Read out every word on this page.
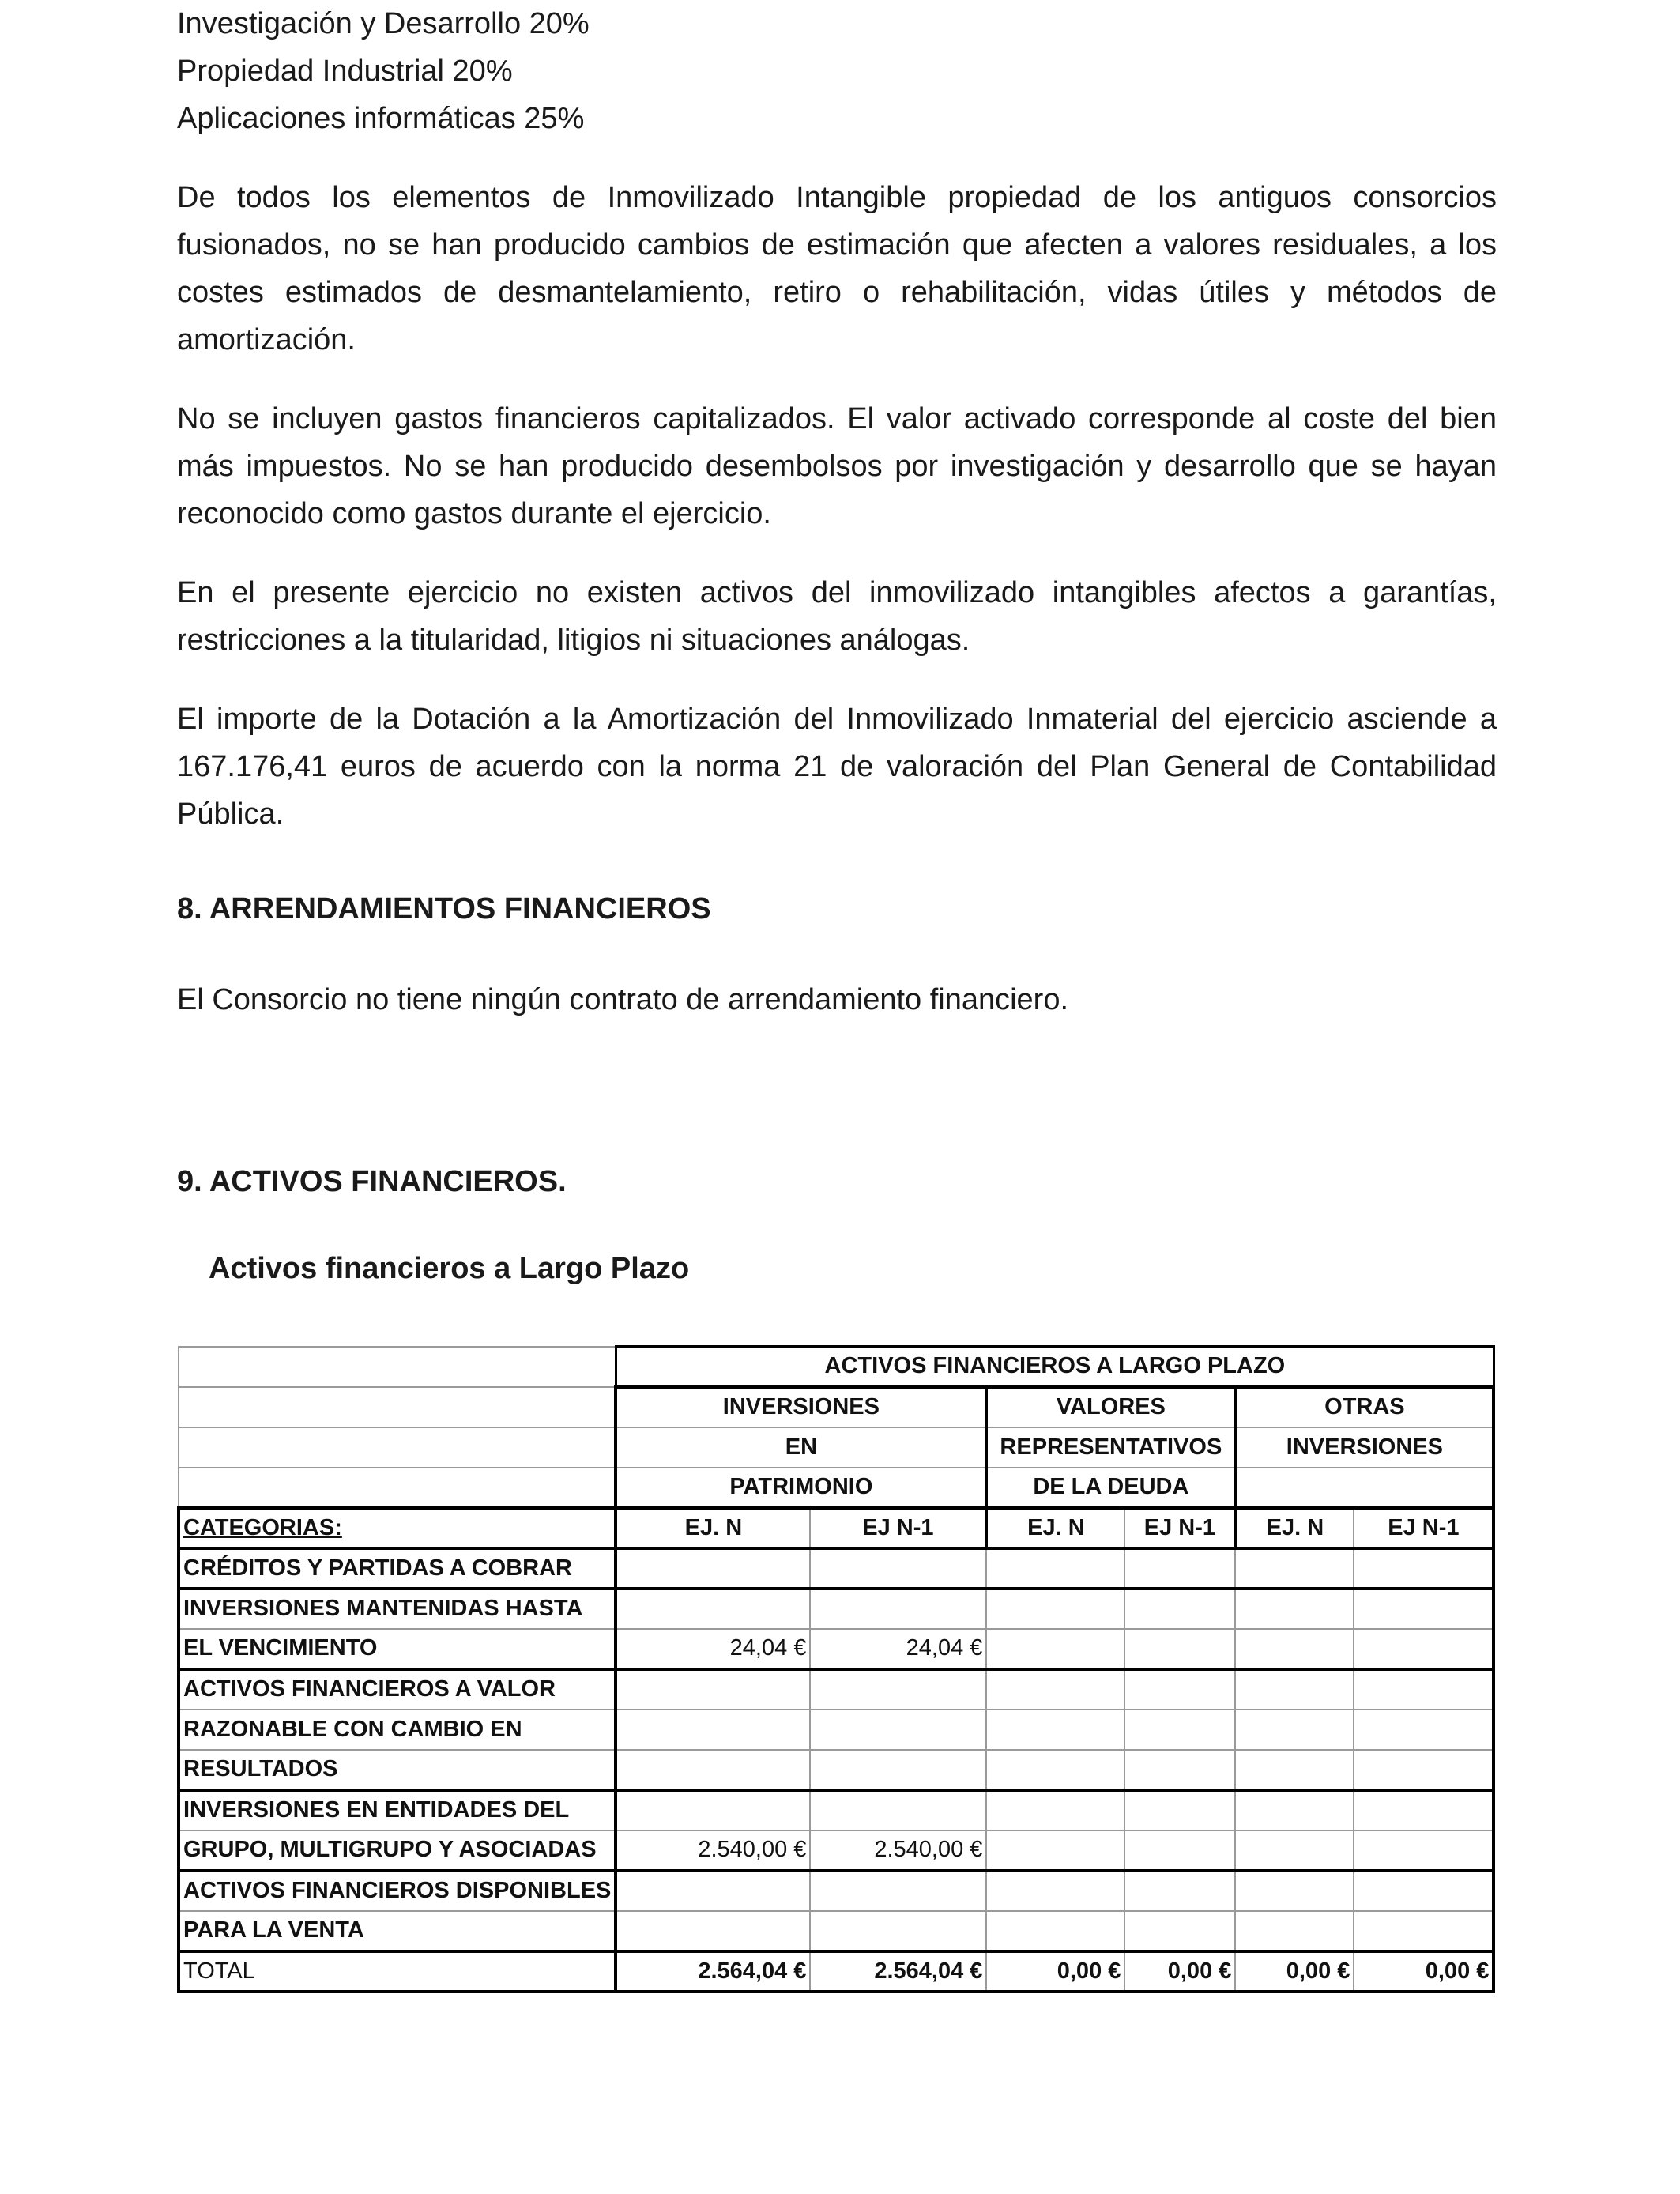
Investigación y Desarrollo 20%

Propiedad Industrial 20%

Aplicaciones informáticas 25%

De todos los elementos de Inmovilizado Intangible propiedad de los antiguos consorcios fusionados, no se han producido cambios de estimación que afecten a valores residuales, a los costes estimados de desmantelamiento, retiro o rehabilitación, vidas útiles y métodos de amortización.

No se incluyen gastos financieros capitalizados. El valor activado corresponde al coste del bien más impuestos. No se han producido desembolsos por investigación y desarrollo que se hayan reconocido como gastos durante el ejercicio.

En el presente ejercicio no existen activos del inmovilizado intangibles afectos a garantías, restricciones a la titularidad, litigios ni situaciones análogas.

El importe de la Dotación a la Amortización del Inmovilizado Inmaterial del ejercicio asciende a 167.176,41 euros de acuerdo con la norma 21 de valoración del Plan General de Contabilidad Pública.

8. ARRENDAMIENTOS FINANCIEROS

El Consorcio no tiene ningún contrato de arrendamiento financiero.

9. ACTIVOS FINANCIEROS.

Activos financieros a Largo Plazo

	ACTIVOS FINANCIEROS A LARGO PLAZO					
	INVERSIONES		VALORES		OTRAS	
	EN		REPRESENTATIVOS		INVERSIONES	
	PATRIMONIO		DE LA DEUDA			
CATEGORIAS:	EJ. N	EJ N-1	EJ. N	EJ N-1	EJ. N	EJ N-1
CRÉDITOS Y PARTIDAS A COBRAR						
INVERSIONES MANTENIDAS HASTA						
EL VENCIMIENTO	24,04 €	24,04 €				
ACTIVOS FINANCIEROS A VALOR						
RAZONABLE CON CAMBIO EN						
RESULTADOS						
INVERSIONES EN ENTIDADES DEL						
GRUPO, MULTIGRUPO Y ASOCIADAS	2.540,00 €	2.540,00 €				
ACTIVOS FINANCIEROS DISPONIBLES						
PARA LA VENTA						
TOTAL	2.564,04 €	2.564,04 €	0,00 €	0,00 €	0,00 €	0,00 €
